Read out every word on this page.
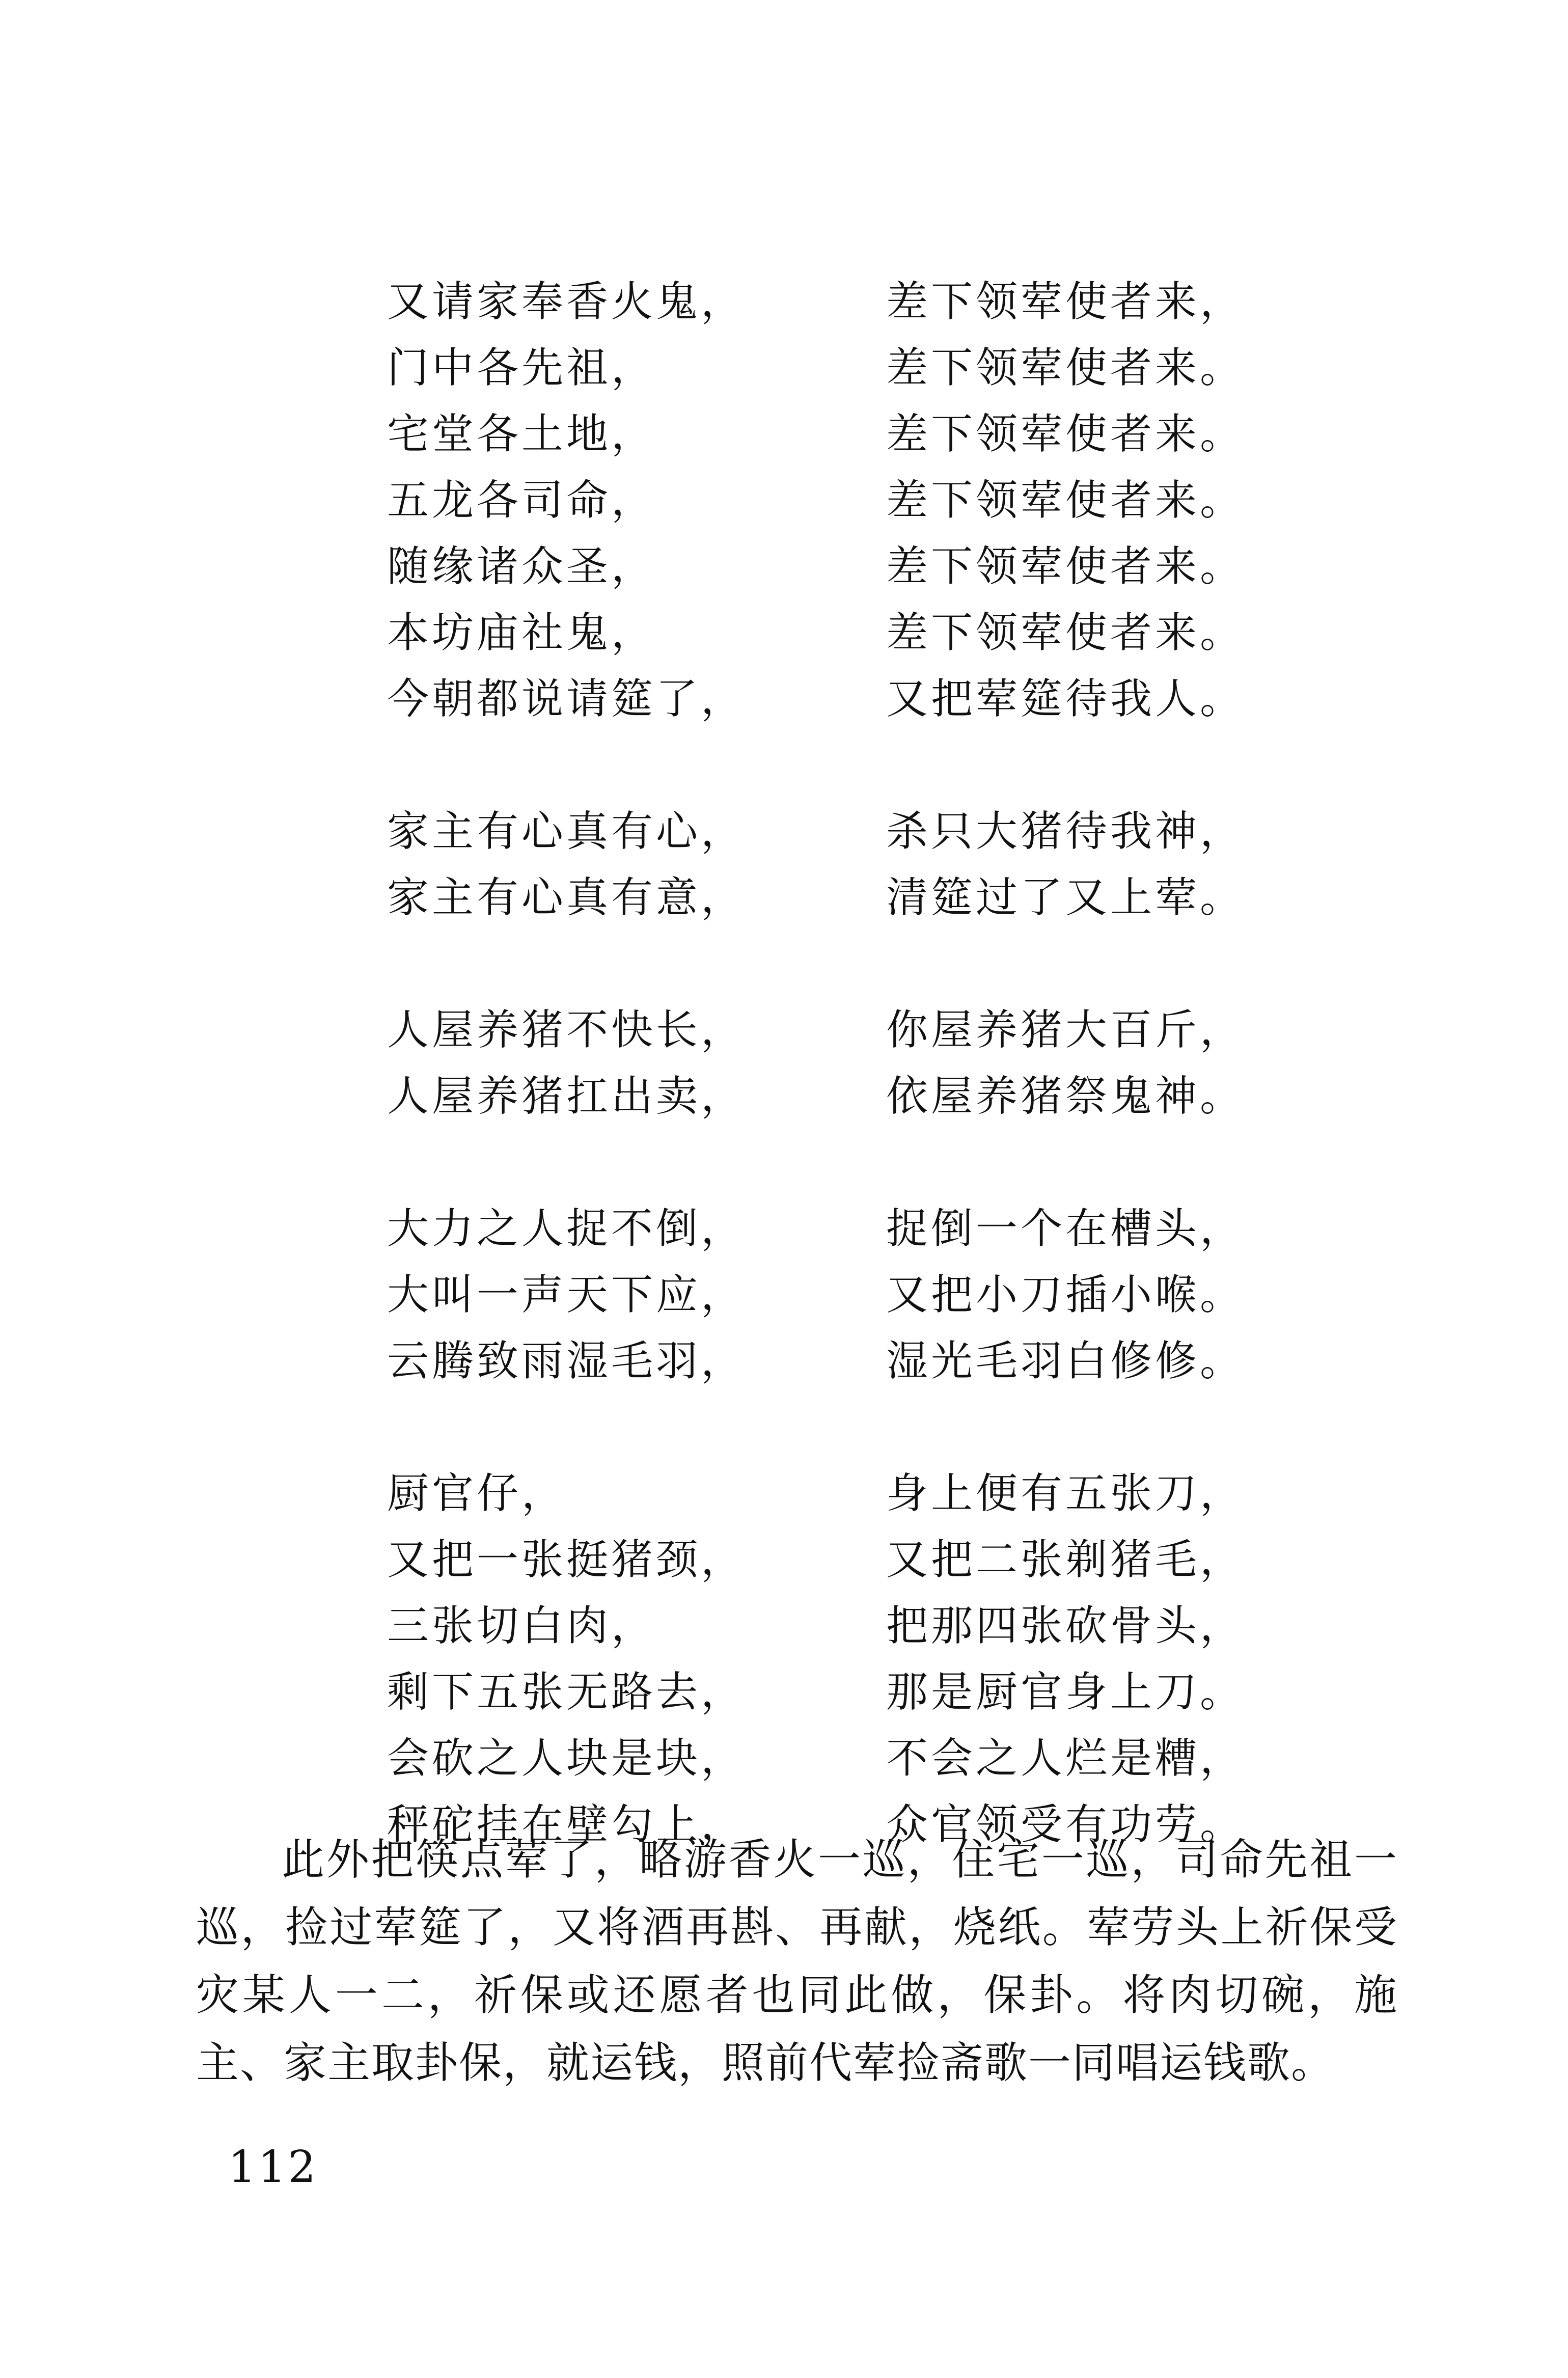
又请家奉香火鬼，	差下领荤使者来，
门中各先祖，	差下领荤使者来。
宅堂各土地，	差下领荤使者来。
五龙各司命，	差下领荤使者来。
随缘诸众圣，	差下领荤使者来。
本坊庙社鬼，	差下领荤使者来。
今朝都说请筵了，	又把荤筵待我人。
家主有心真有心，	杀只大猪待我神，
家主有心真有意，	清筵过了又上荤。
人屋养猪不快长，	你屋养猪大百斤，
人屋养猪扛出卖，	依屋养猪祭鬼神。
大力之人捉不倒，	捉倒一个在槽头，
大叫一声天下应，	又把小刀插小喉。
云腾致雨湿毛羽，	湿光毛羽白修修。
厨官仔，	身上便有五张刀，
又把一张挺猪颈，	又把二张剃猪毛，
三张切白肉，	把那四张砍骨头，
剩下五张无路去，	那是厨官身上刀。
会砍之人块是块，	不会之人烂是糟，
秤砣挂在壁勾上，	众官领受有功劳。

此外把筷点荤了，略游香火一巡，住宅一巡，司命先祖一巡，捡过荤筵了，又将酒再斟、再献，烧纸。荤劳头上祈保受灾某人一二，祈保或还愿者也同此做，保卦。将肉切碗，施主、家主取卦保，就运钱，照前代荤捡斋歌一同唱运钱歌。

112
